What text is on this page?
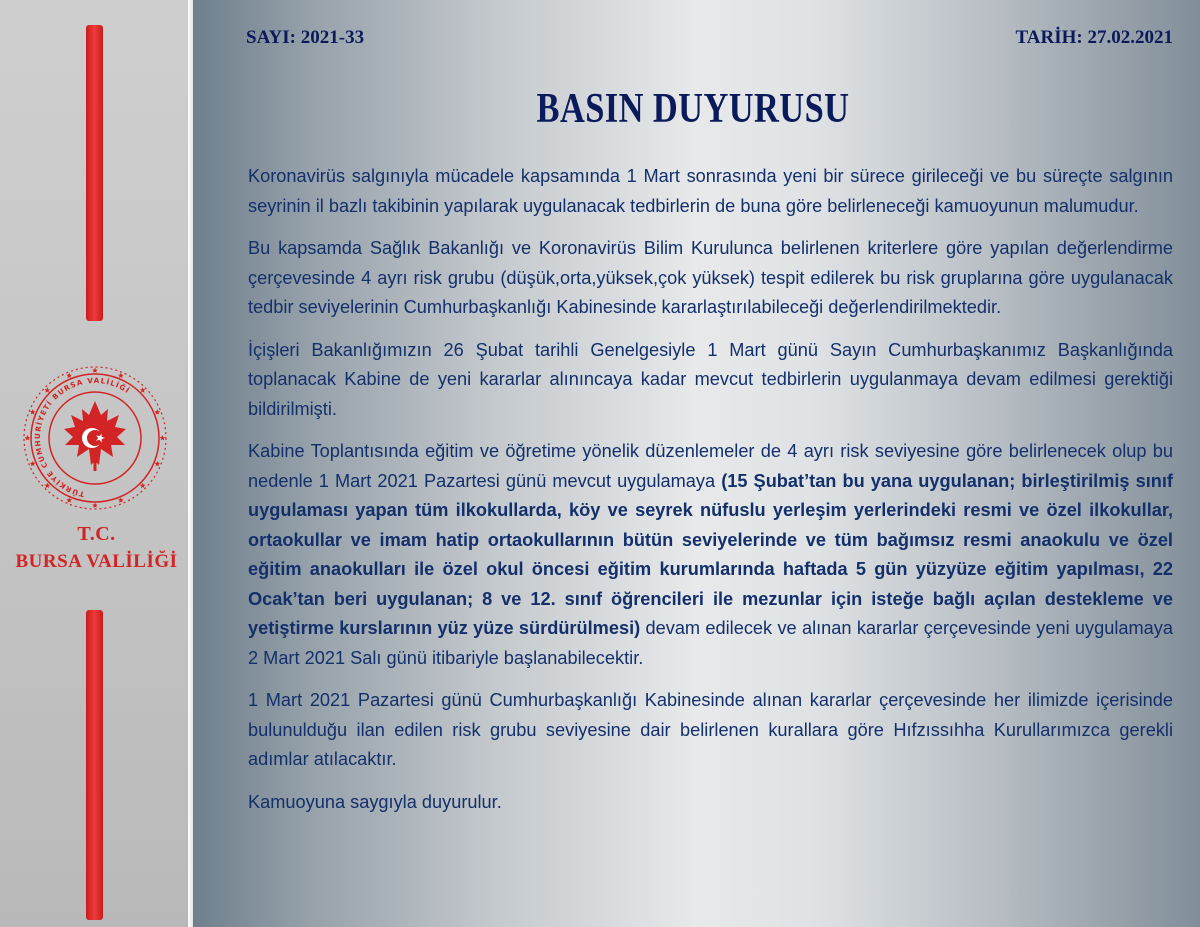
TÜRKİYE CUMHURİYETİ BURSA VALİLİĞİ
T.C.
BURSA VALİLİĞİ
SAYI: 2021-33	TARİH: 27.02.2021
BASIN DUYURUSU

Koronavirüs salgınıyla mücadele kapsamında 1 Mart sonrasında yeni bir sürece girileceği ve bu süreçte salgının seyrinin il bazlı takibinin yapılarak uygulanacak tedbirlerin de buna göre belirleneceği kamuoyunun malumudur.

Bu kapsamda Sağlık Bakanlığı ve Koronavirüs Bilim Kurulunca belirlenen kriterlere göre yapılan değerlendirme çerçevesinde 4 ayrı risk grubu (düşük,orta,yüksek,çok yüksek) tespit edilerek bu risk gruplarına göre uygulanacak tedbir seviyelerinin Cumhurbaşkanlığı Kabinesinde kararlaştırılabileceği değerlendirilmektedir.

İçişleri Bakanlığımızın 26 Şubat tarihli Genelgesiyle 1 Mart günü Sayın Cumhurbaşkanımız Başkanlığında toplanacak Kabine de yeni kararlar alınıncaya kadar mevcut tedbirlerin uygulanmaya devam edilmesi gerektiği bildirilmişti.

Kabine Toplantısında eğitim ve öğretime yönelik düzenlemeler de 4 ayrı risk seviyesine göre belirlenecek olup bu nedenle 1 Mart 2021 Pazartesi günü mevcut uygulamaya (15 Şubat’tan bu yana uygulanan; birleştirilmiş sınıf uygulaması yapan tüm ilkokullarda, köy ve seyrek nüfuslu yerleşim yerlerindeki resmi ve özel ilkokullar, ortaokullar ve imam hatip ortaokullarının bütün seviyelerinde ve tüm bağımsız resmi anaokulu ve özel eğitim anaokulları ile özel okul öncesi eğitim kurumlarında haftada 5 gün yüzyüze eğitim yapılması, 22 Ocak’tan beri uygulanan; 8 ve 12. sınıf öğrencileri ile mezunlar için isteğe bağlı açılan destekleme ve yetiştirme kurslarının yüz yüze sürdürülmesi) devam edilecek ve alınan kararlar çerçevesinde yeni uygulamaya 2 Mart 2021 Salı günü itibariyle başlanabilecektir.

1 Mart 2021 Pazartesi günü Cumhurbaşkanlığı Kabinesinde alınan kararlar çerçevesinde her ilimizde içerisinde bulunulduğu ilan edilen risk grubu seviyesine dair belirlenen kurallara göre Hıfzıssıhha Kurullarımızca gerekli adımlar atılacaktır.

Kamuoyuna saygıyla duyurulur.
